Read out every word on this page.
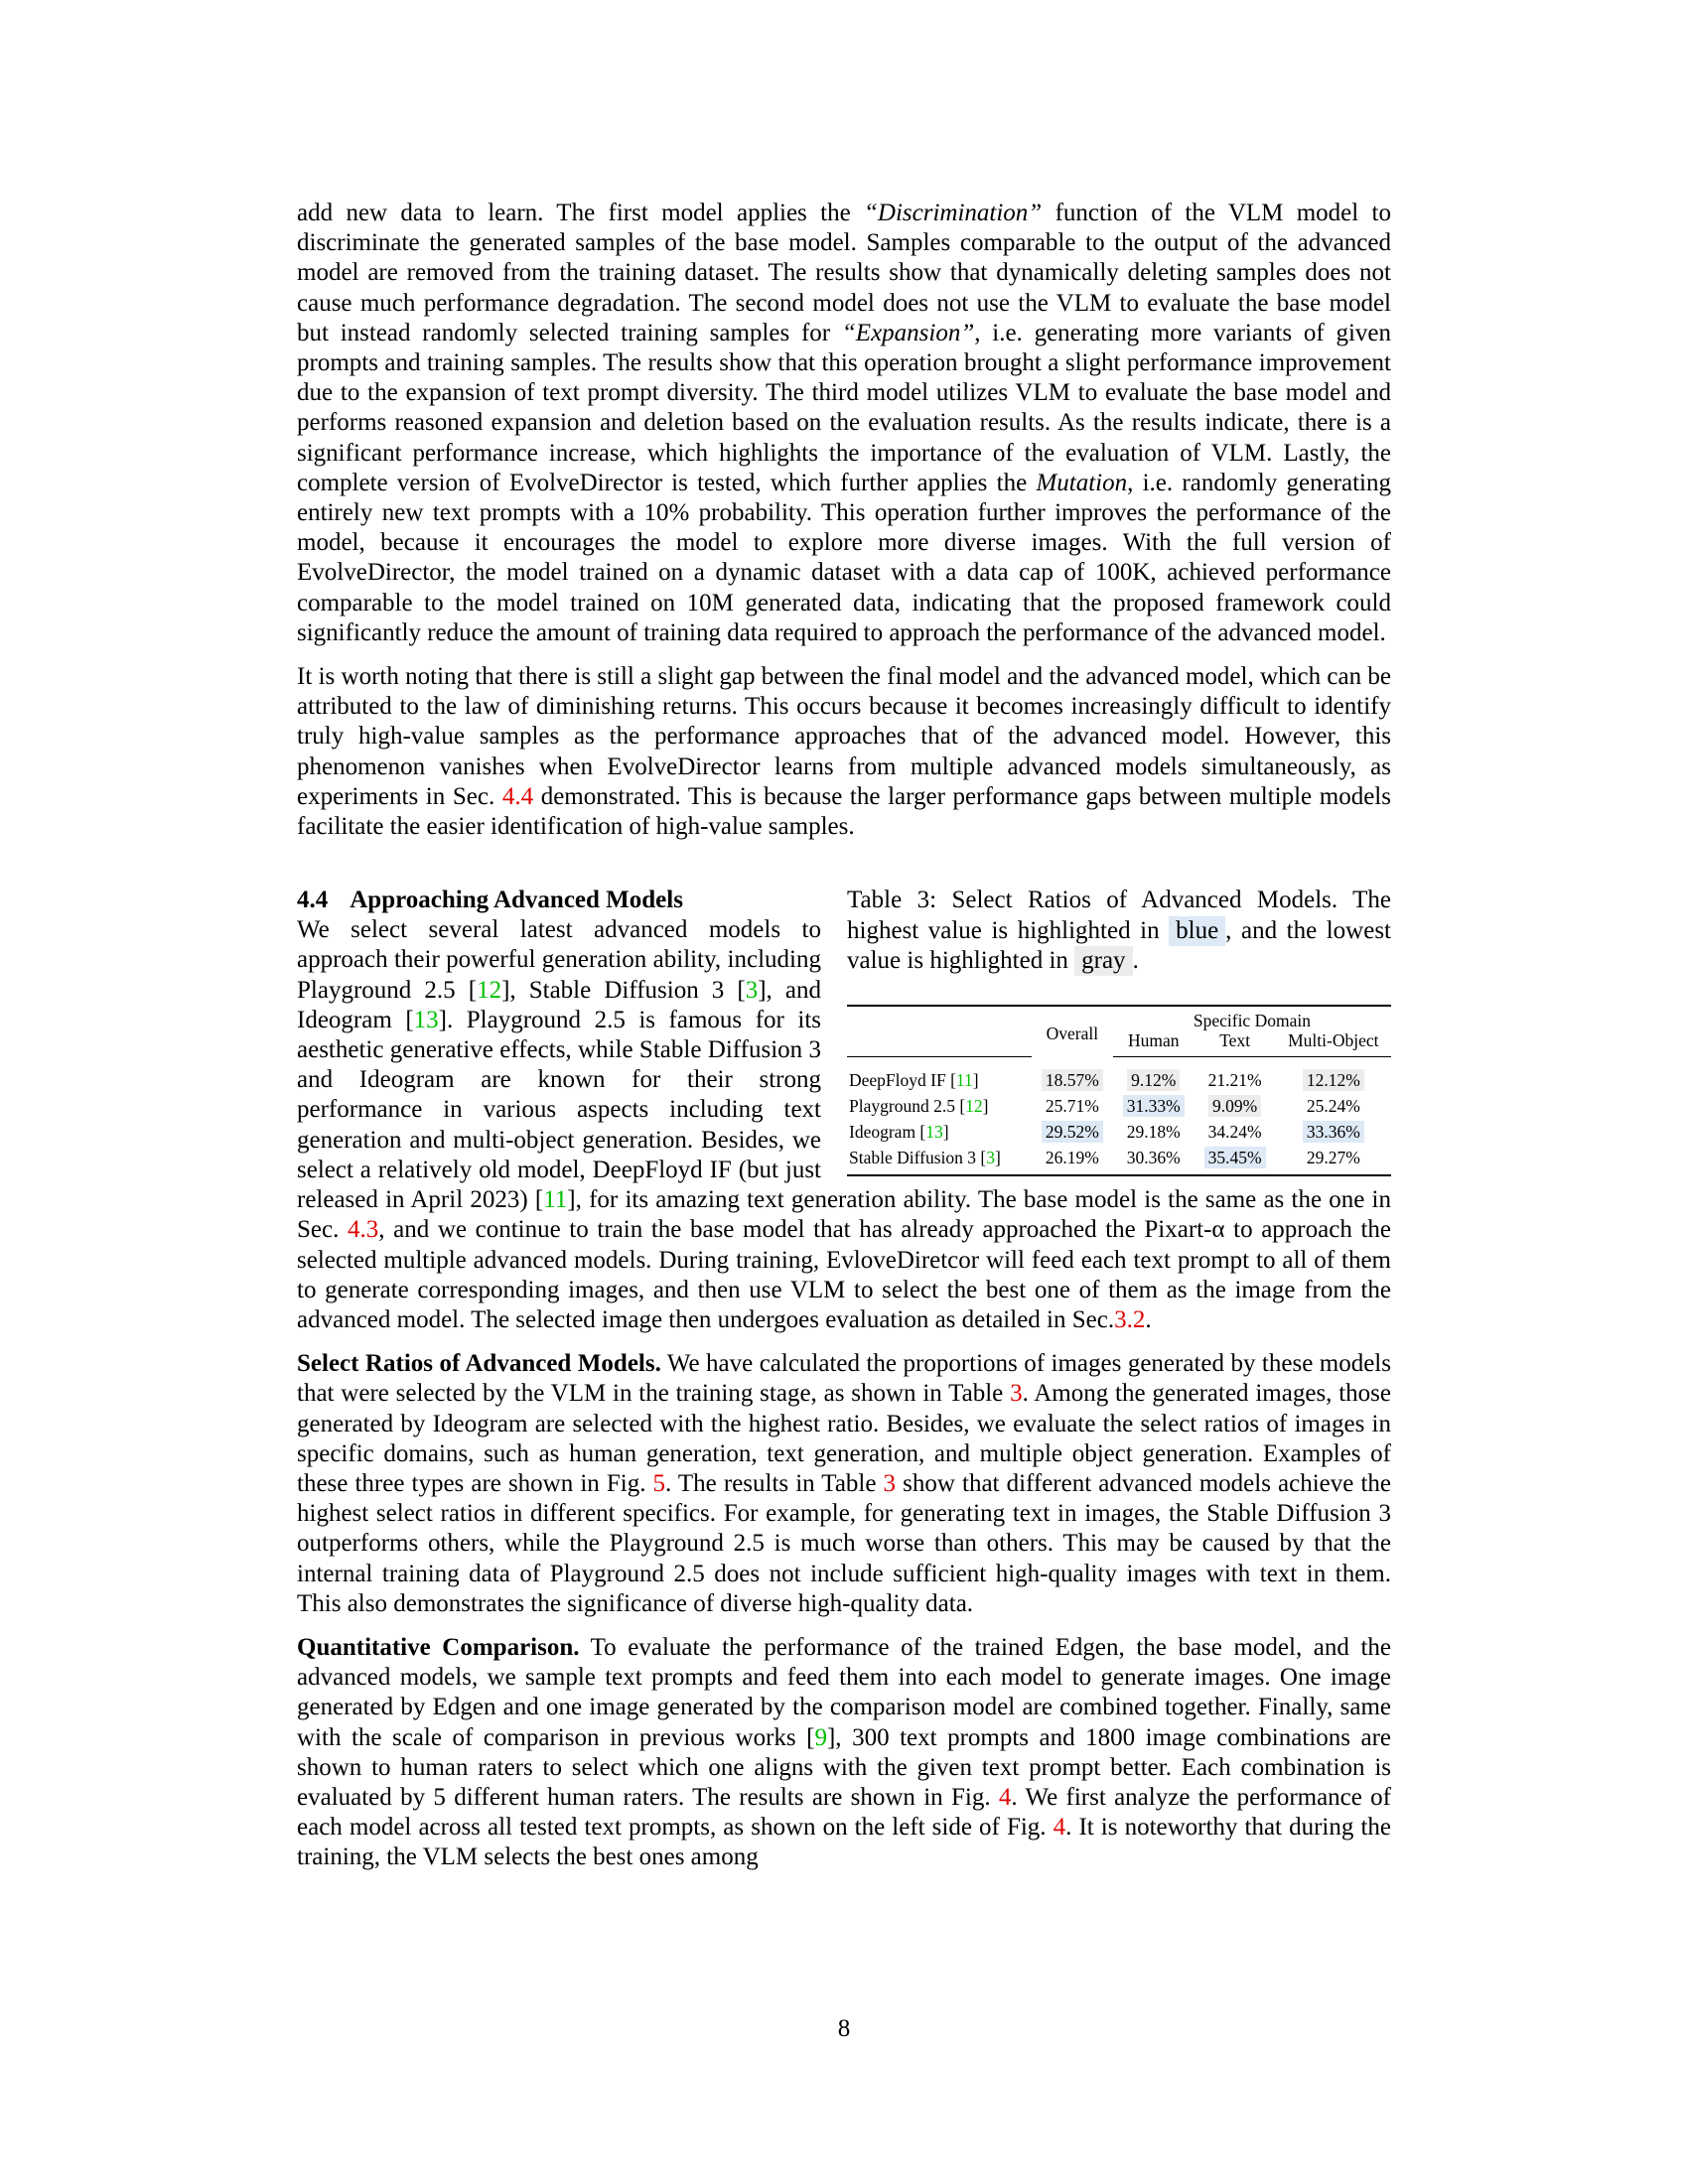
add new data to learn. The first model applies the “Discrimination” function of the VLM model to discriminate the generated samples of the base model. Samples comparable to the output of the advanced model are removed from the training dataset. The results show that dynamically deleting samples does not cause much performance degradation. The second model does not use the VLM to evaluate the base model but instead randomly selected training samples for “Expansion”, i.e. generating more variants of given prompts and training samples. The results show that this operation brought a slight performance improvement due to the expansion of text prompt diversity. The third model utilizes VLM to evaluate the base model and performs reasoned expansion and deletion based on the evaluation results. As the results indicate, there is a significant performance increase, which highlights the importance of the evaluation of VLM. Lastly, the complete version of EvolveDirector is tested, which further applies the Mutation, i.e. randomly generating entirely new text prompts with a 10% probability. This operation further improves the performance of the model, because it encourages the model to explore more diverse images. With the full version of EvolveDirector, the model trained on a dynamic dataset with a data cap of 100K, achieved performance comparable to the model trained on 10M generated data, indicating that the proposed framework could significantly reduce the amount of training data required to approach the performance of the advanced model.

It is worth noting that there is still a slight gap between the final model and the advanced model, which can be attributed to the law of diminishing returns. This occurs because it becomes increasingly difficult to identify truly high-value samples as the performance approaches that of the advanced model. However, this phenomenon vanishes when EvolveDirector learns from multiple advanced models simultaneously, as experiments in Sec. 4.4 demonstrated. This is because the larger performance gaps between multiple models facilitate the easier identification of high-value samples.

4.4 Approaching Advanced Models	Table 3: Select Ratios of Advanced Models. The highest value is highlighted in blue , and the lowest value is highlighted in gray .

	Overall	Specific Domain		
		Human	Text	Multi-Object
DeepFloyd IF [11]	18.57%	9.12%	21.21%	12.12%
Playground 2.5 [12]	25.71%	31.33%	9.09%	25.24%
Ideogram [13]	29.52%	29.18%	34.24%	33.36%
Stable Diffusion 3 [3]	26.19%	30.36%	35.45%	29.27%

We select several latest advanced models to approach their powerful generation ability, including Playground 2.5 [12], Stable Diffusion 3 [3], and Ideogram [13]. Playground 2.5 is famous for its aesthetic generative effects, while Stable Diffusion 3 and Ideogram are known for their strong performance in various aspects including text generation and multi-object generation. Besides, we select a relatively old model, DeepFloyd IF (but just released in April 2023) [11], for its amazing text generation ability. The base model is the same as the one in Sec. 4.3, and we continue to train the base model that has already approached the Pixart-α to approach the selected multiple advanced models. During training, EvloveDiretcor will feed each text prompt to all of them to generate corresponding images, and then use VLM to select the best one of them as the image from the advanced model. The selected image then undergoes evaluation as detailed in Sec.3.2.

Select Ratios of Advanced Models. We have calculated the proportions of images generated by these models that were selected by the VLM in the training stage, as shown in Table 3. Among the generated images, those generated by Ideogram are selected with the highest ratio. Besides, we evaluate the select ratios of images in specific domains, such as human generation, text generation, and multiple object generation. Examples of these three types are shown in Fig. 5. The results in Table 3 show that different advanced models achieve the highest select ratios in different specifics. For example, for generating text in images, the Stable Diffusion 3 outperforms others, while the Playground 2.5 is much worse than others. This may be caused by that the internal training data of Playground 2.5 does not include sufficient high-quality images with text in them. This also demonstrates the significance of diverse high-quality data.

Quantitative Comparison. To evaluate the performance of the trained Edgen, the base model, and the advanced models, we sample text prompts and feed them into each model to generate images. One image generated by Edgen and one image generated by the comparison model are combined together. Finally, same with the scale of comparison in previous works [9], 300 text prompts and 1800 image combinations are shown to human raters to select which one aligns with the given text prompt better. Each combination is evaluated by 5 different human raters. The results are shown in Fig. 4. We first analyze the performance of each model across all tested text prompts, as shown on the left side of Fig. 4. It is noteworthy that during the training, the VLM selects the best ones among

8
